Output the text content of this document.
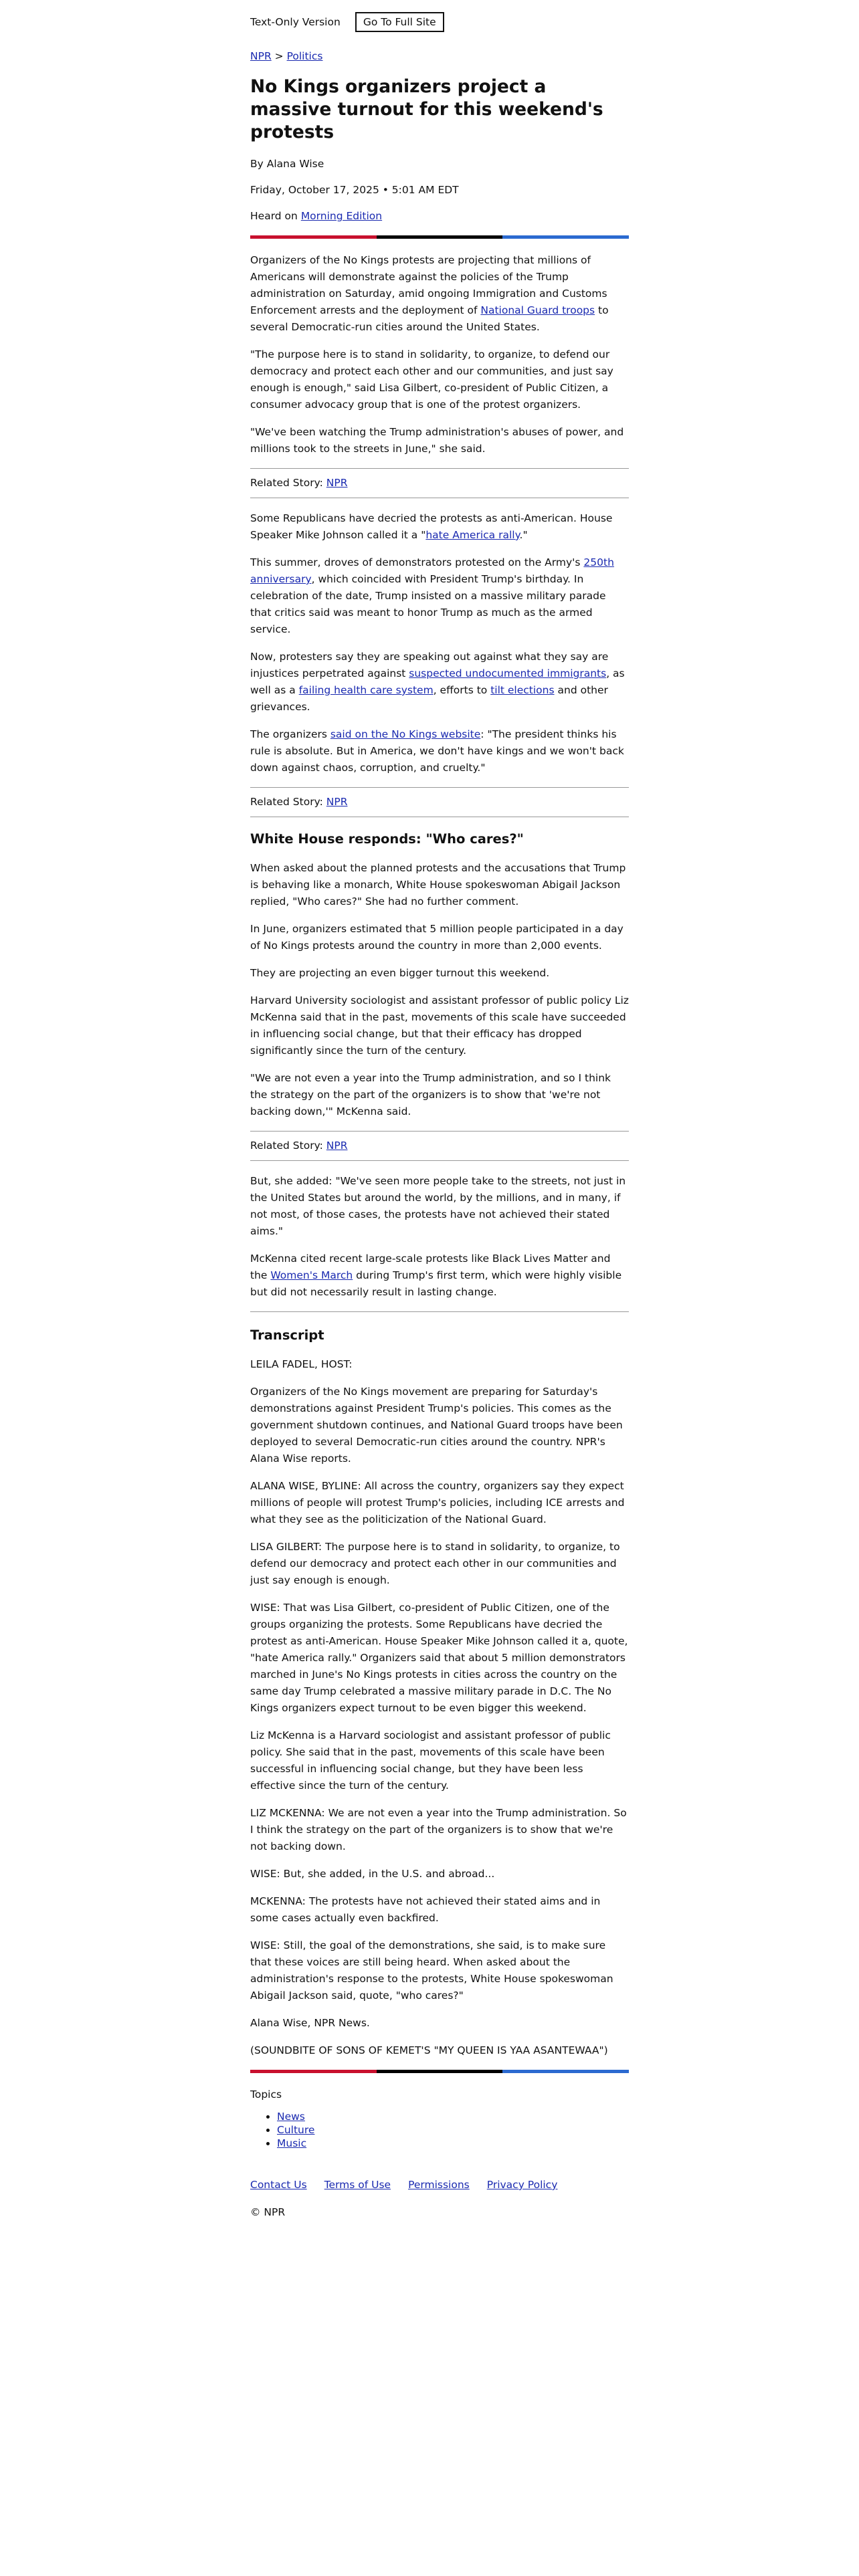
Text-Only Version	Go To Full Site
NPR > Politics
No Kings organizers project a massive turnout for this weekend's protests

By Alana Wise

Friday, October 17, 2025 • 5:01 AM EDT

Heard on Morning Edition

Organizers of the No Kings protests are projecting that millions of Americans will demonstrate against the policies of the Trump administration on Saturday, amid ongoing Immigration and Customs Enforcement arrests and the deployment of National Guard troops to several Democratic-run cities around the United States.

"The purpose here is to stand in solidarity, to organize, to defend our democracy and protect each other and our communities, and just say enough is enough," said Lisa Gilbert, co-president of Public Citizen, a consumer advocacy group that is one of the protest organizers.

"We've been watching the Trump administration's abuses of power, and millions took to the streets in June," she said.

Related Story: NPR

Some Republicans have decried the protests as anti-American. House Speaker Mike Johnson called it a "hate America rally."

This summer, droves of demonstrators protested on the Army's 250th anniversary, which coincided with President Trump's birthday. In celebration of the date, Trump insisted on a massive military parade that critics said was meant to honor Trump as much as the armed service.

Now, protesters say they are speaking out against what they say are injustices perpetrated against suspected undocumented immigrants, as well as a failing health care system, efforts to tilt elections and other grievances.

The organizers said on the No Kings website: "The president thinks his rule is absolute. But in America, we don't have kings and we won't back down against chaos, corruption, and cruelty."

Related Story: NPR
White House responds: "Who cares?"

When asked about the planned protests and the accusations that Trump is behaving like a monarch, White House spokeswoman Abigail Jackson replied, "Who cares?" She had no further comment.

In June, organizers estimated that 5 million people participated in a day of No Kings protests around the country in more than 2,000 events.

They are projecting an even bigger turnout this weekend.

Harvard University sociologist and assistant professor of public policy Liz McKenna said that in the past, movements of this scale have succeeded in influencing social change, but that their efficacy has dropped significantly since the turn of the century.

"We are not even a year into the Trump administration, and so I think the strategy on the part of the organizers is to show that 'we're not backing down,'" McKenna said.

Related Story: NPR

But, she added: "We've seen more people take to the streets, not just in the United States but around the world, by the millions, and in many, if not most, of those cases, the protests have not achieved their stated aims."

McKenna cited recent large-scale protests like Black Lives Matter and the Women's March during Trump's first term, which were highly visible but did not necessarily result in lasting change.

Transcript

LEILA FADEL, HOST:

Organizers of the No Kings movement are preparing for Saturday's demonstrations against President Trump's policies. This comes as the government shutdown continues, and National Guard troops have been deployed to several Democratic-run cities around the country. NPR's Alana Wise reports.

ALANA WISE, BYLINE: All across the country, organizers say they expect millions of people will protest Trump's policies, including ICE arrests and what they see as the politicization of the National Guard.

LISA GILBERT: The purpose here is to stand in solidarity, to organize, to defend our democracy and protect each other in our communities and just say enough is enough.

WISE: That was Lisa Gilbert, co-president of Public Citizen, one of the groups organizing the protests. Some Republicans have decried the protest as anti-American. House Speaker Mike Johnson called it a, quote, "hate America rally." Organizers said that about 5 million demonstrators marched in June's No Kings protests in cities across the country on the same day Trump celebrated a massive military parade in D.C. The No Kings organizers expect turnout to be even bigger this weekend.

Liz McKenna is a Harvard sociologist and assistant professor of public policy. She said that in the past, movements of this scale have been successful in influencing social change, but they have been less effective since the turn of the century.

LIZ MCKENNA: We are not even a year into the Trump administration. So I think the strategy on the part of the organizers is to show that we're not backing down.

WISE: But, she added, in the U.S. and abroad...

MCKENNA: The protests have not achieved their stated aims and in some cases actually even backfired.

WISE: Still, the goal of the demonstrations, she said, is to make sure that these voices are still being heard. When asked about the administration's response to the protests, White House spokeswoman Abigail Jackson said, quote, "who cares?"

Alana Wise, NPR News.

(SOUNDBITE OF SONS OF KEMET'S "MY QUEEN IS YAA ASANTEWAA")

Topics
• News
• Culture
• Music
Contact Us Terms of Use Permissions Privacy Policy
© NPR
